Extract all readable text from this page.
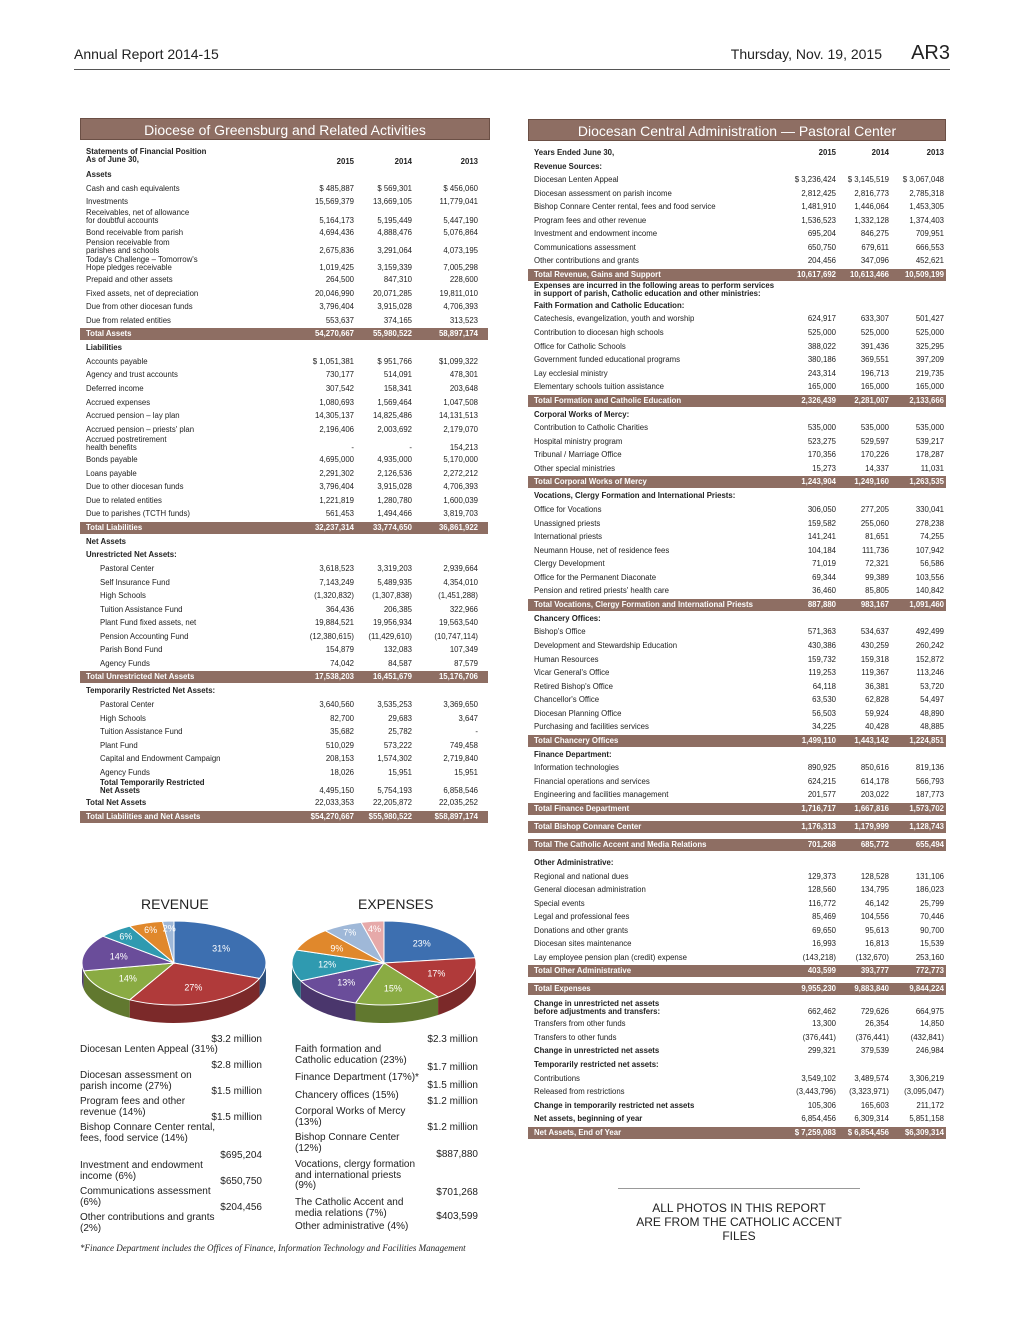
Annual Report 2014-15	Thursday, Nov. 19, 2015 AR3
Diocese of Greensburg and Related Activities
Statements of Financial Position
As of June 30,	2015	2014	2013
Assets
Cash and cash equivalents	$ 485,887	$ 569,301	$ 456,060
Investments	15,569,379 13,669,105	11,779,041
Receivables, net of allowance
for doubtful accounts	5,164,173	5,195,449	5,447,190
Bond receivable from parish	4,694,436	4,888,476	5,076,864
Pension receivable from
parishes and schools	2,675,836	3,291,064	4,073,195
Today's Challenge – Tomorrow's
Hope pledges receivable	1,019,425	3,159,339	7,005,298
Prepaid and other assets	264,500	847,310	228,600
Fixed assets, net of depreciation	20,046,990 20,071,285	19,811,010
Due from other diocesan funds	3,796,404	3,915,028	4,706,393
Due from related entities	553,637	374,165	313,523
Total Assets	54,270,667 55,980,522	58,897,174
Liabilities
Accounts payable	$ 1,051,381	$ 951,766	$1,099,322
Agency and trust accounts	730,177	514,091	478,301
Deferred income	307,542	158,341	203,648
Accrued expenses	1,080,693	1,569,464	1,047,508
Accrued pension – lay plan	14,305,137 14,825,486	14,131,513
Accrued pension – priests' plan	2,196,406	2,003,692	2,179,070
Accrued postretirement
health benefits	-	-	154,213
Bonds payable	4,695,000	4,935,000	5,170,000
Loans payable	2,291,302	2,126,536	2,272,212
Due to other diocesan funds	3,796,404	3,915,028	4,706,393
Due to related entities	1,221,819	1,280,780	1,600,039
Due to parishes (TCTH funds)	561,453	1,494,466	3,819,703
Total Liabilities	32,237,314 33,774,650	36,861,922
Net Assets
Unrestricted Net Assets:
Pastoral Center	3,618,523	3,319,203	2,939,664
Self Insurance Fund	7,143,249	5,489,935	4,354,010
High Schools	(1,320,832) (1,307,838)	(1,451,288)
Tuition Assistance Fund	364,436	206,385	322,966
Plant Fund fixed assets, net	19,884,521 19,956,934	19,563,540
Pension Accounting Fund	(12,380,615) (11,429,610)	(10,747,114)
Parish Bond Fund	154,879	132,083	107,349
Agency Funds	74,042	84,587	87,579
Total Unrestricted Net Assets	17,538,203 16,451,679	15,176,706
Temporarily Restricted Net Assets:
Pastoral Center	3,640,560	3,535,253	3,369,650
High Schools	82,700	29,683	3,647
Tuition Assistance Fund	35,682	25,782	-
Plant Fund	510,029	573,222	749,458
Capital and Endowment Campaign	208,153	1,574,302	2,719,840
Agency Funds	18,026	15,951	15,951
Total Temporarily Restricted
Net Assets	4,495,150	5,754,193	6,858,546
Total Net Assets	22,033,353 22,205,872	22,035,252
Total Liabilities and Net Assets	$54,270,667 $55,980,522	$58,897,174
Diocesan Central Administration — Pastoral Center
Years Ended June 30,	2015	2014	2013
Revenue Sources:
Diocesan Lenten Appeal	$ 3,236,424 $ 3,145,519 $ 3,067,048
Diocesan assessment on parish income	2,812,425 2,816,773	2,785,318
Bishop Connare Center rental, fees and food service	1,481,910 1,446,064	1,453,305
Program fees and other revenue	1,536,523 1,332,128	1,374,403
Investment and endowment income	695,204	846,275	709,951
Communications assessment	650,750	679,611	666,553
Other contributions and grants	204,456	347,096	452,621
Total Revenue, Gains and Support	10,617,692 10,613,466 10,509,199
Expenses are incurred in the following areas to perform services
in support of parish, Catholic education and other ministries:
Faith Formation and Catholic Education:
Catechesis, evangelization, youth and worship	624,917	633,307	501,427
Contribution to diocesan high schools	525,000	525,000	525,000
Office for Catholic Schools	388,022	391,436	325,295
Government funded educational programs	380,186	369,551	397,209
Lay ecclesial ministry	243,314	196,713	219,735
Elementary schools tuition assistance	165,000	165,000	165,000
Total Formation and Catholic Education	2,326,439 2,281,007	2,133,666
Corporal Works of Mercy:
Contribution to Catholic Charities	535,000	535,000	535,000
Hospital ministry program	523,275	529,597	539,217
Tribunal / Marriage Office	170,356	170,226	178,287
Other special ministries	15,273	14,337	11,031
Total Corporal Works of Mercy	1,243,904 1,249,160	1,263,535
Vocations, Clergy Formation and International Priests:
Office for Vocations	306,050	277,205	330,041
Unassigned priests	159,582	255,060	278,238
International priests	141,241	81,651	74,255
Neumann House, net of residence fees	104,184	111,736	107,942
Clergy Development	71,019	72,321	56,586
Office for the Permanent Diaconate	69,344	99,389	103,556
Pension and retired priests' health care	36,460	85,805	140,842
Total Vocations, Clergy Formation and International Priests	887,880	983,167	1,091,460
Chancery Offices:
Bishop's Office	571,363	534,637	492,499
Development and Stewardship Education	430,386	430,259	260,242
Human Resources	159,732	159,318	152,872
Vicar General's Office	119,253	119,367	113,246
Retired Bishop's Office	64,118	36,381	53,720
Chancellor's Office	63,530	62,828	54,497
Diocesan Planning Office	56,503	59,924	48,890
Purchasing and facilities services	34,225	40,428	48,885
Total Chancery Offices	1,499,110 1,443,142	1,224,851
Finance Department:
Information technologies	890,925	850,616	819,136
Financial operations and services	624,215	614,178	566,793
Engineering and facilities management	201,577	203,022	187,773
Total Finance Department	1,716,717 1,667,816	1,573,702
Total Bishop Connare Center	1,176,313 1,179,999	1,128,743
Total The Catholic Accent and Media Relations	701,268	685,772	655,494
Other Administrative:
Regional and national dues	129,373	128,528	131,106
General diocesan administration	128,560	134,795	186,023
Special events	116,772	46,142	25,799
Legal and professional fees	85,469	104,556	70,446
Donations and other grants	69,650	95,613	90,700
Diocesan sites maintenance	16,993	16,813	15,539
Lay employee pension plan (credit) expense	(143,218)	(132,670)	253,160
Total Other Administrative	403,599	393,777	772,773
Total Expenses	9,955,230 9,883,840	9,844,224
Change in unrestricted net assets
before adjustments and transfers:	662,462	729,626	664,975
Transfers from other funds	13,300	26,354	14,850
Transfers to other funds	(376,441)	(376,441)	(432,841)
Change in unrestricted net assets	299,321	379,539	246,984
Temporarily restricted net assets:
Contributions	3,549,102 3,489,574	3,306,219
Released from restrictions	(3,443,796) (3,323,971) (3,095,047)
Change in temporarily restricted net assets	105,306	165,603	211,172
Net assets, beginning of year	6,854,456 6,309,314	5,851,158
Net Assets, End of Year	$ 7,259,083 $ 6,854,456 $6,309,314
REVENUE
31%
27%
14%
14%
6%
6% 2%
EXPENSES
23%
17%
15%
13%
12%
9%
7% 4%
Diocesan Lenten Appeal (31%)
$3.2 million
Diocesan assessment on parish income (27%)
$2.8 million
Program fees and other revenue (14%)
$1.5 million
Bishop Connare Center rental, fees, food service (14%)
$1.5 million
Investment and endowment income (6%)
$695,204
Communications assessment (6%)
$650,750
Other contributions and grants (2%)
$204,456
Faith formation and Catholic education (23%)
$2.3 million
Finance Department (17%)*
$1.7 million
Chancery offices (15%)
$1.5 million
Corporal Works of Mercy (13%)
$1.2 million
Bishop Connare Center (12%)
$1.2 million
Vocations, clergy formation and international priests (9%)
$887,880
The Catholic Accent and media relations (7%)
$701,268
Other administrative (4%)
$403,599
*Finance Department includes the Offices of Finance, Information Technology and Facilities Management
ALL PHOTOS IN THIS REPORT
ARE FROM THE CATHOLIC ACCENT FILES
